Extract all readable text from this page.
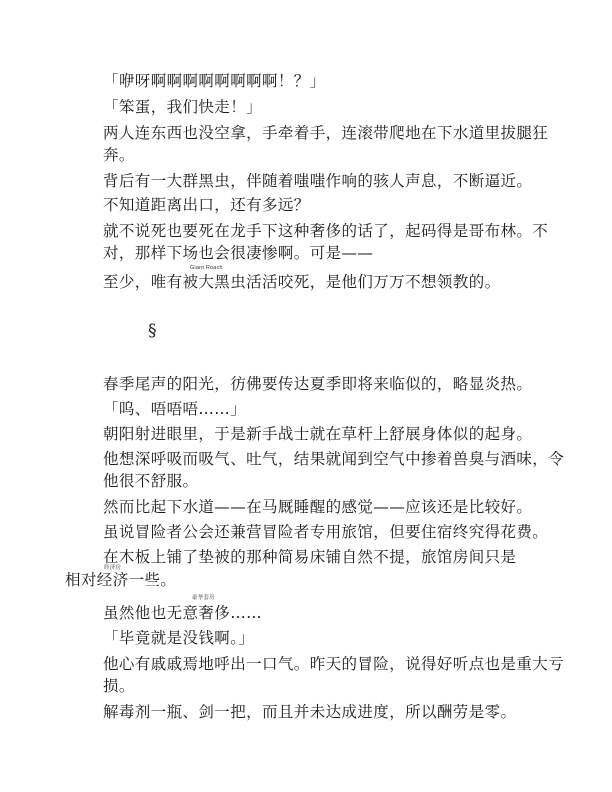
「咿呀啊啊啊啊啊啊啊啊！？」
「笨蛋，我们快走！」
两人连东西也没空拿，手牵着手，连滚带爬地在下水道里拔腿狂
奔。
背后有一大群黑虫，伴随着嗤嗤作响的骇人声息，不断逼近。
不知道距离出口，还有多远？
就不说死也要死在龙手下这种奢侈的话了，起码得是哥布林。不
对，那样下场也会很凄惨啊。可是——
Giant Roach
至少，唯有被大黑虫活活咬死，是他们万万不想领教的。
§
春季尾声的阳光，彷佛要传达夏季即将来临似的，略显炎热。
「呜、唔唔唔……」
朝阳射进眼里，于是新手战士就在草杆上舒展身体似的起身。
他想深呼吸而吸气、吐气，结果就闻到空气中掺着兽臭与酒味，令
他很不舒服。
然而比起下水道——在马厩睡醒的感觉——应该还是比较好。
虽说冒险者公会还兼营冒险者专用旅馆，但要住宿终究得花费。
在木板上铺了垫被的那种简易床铺自然不提，旅馆房间只是
经济房
相对经济一些。
豪华套房
虽然他也无意奢侈……
「毕竟就是没钱啊。」
他心有戚戚焉地呼出一口气。昨天的冒险，说得好听点也是重大亏
损。
解毒剂一瓶、剑一把，而且并未达成进度，所以酬劳是零。
